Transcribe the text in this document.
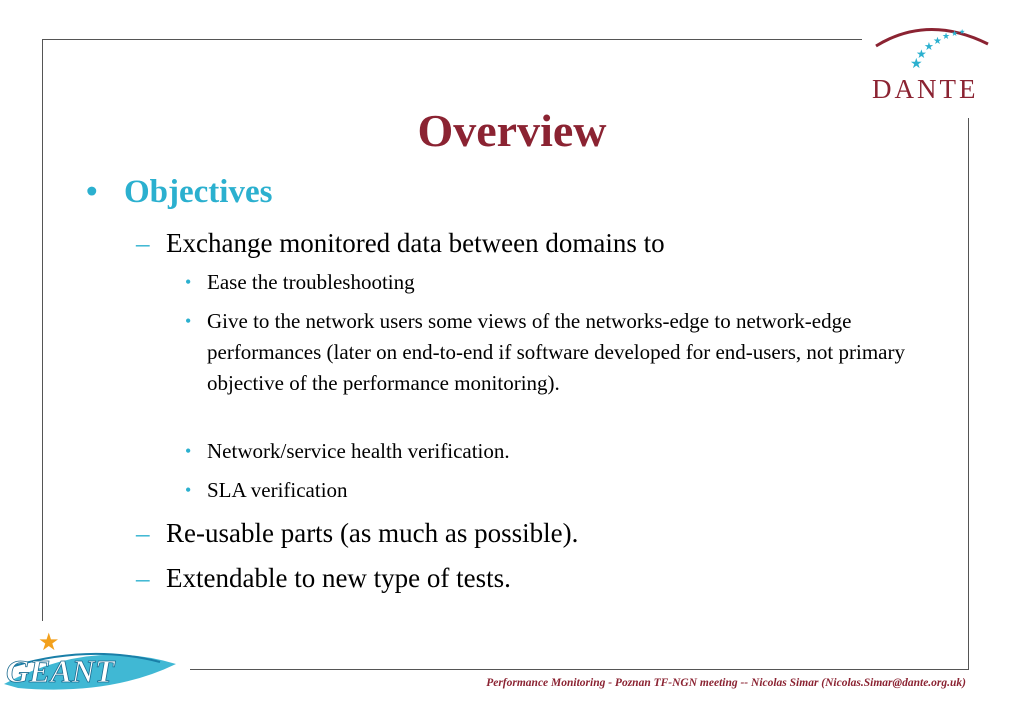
★
★
★ ★ ★ ★ ★
DANTE
Overview
• Objectives
– Exchange monitored data between domains to
• Ease the troubleshooting
• Give to the network users some views of the networks-edge to network-edge performances (later on end-to-end if software developed for end-users, not primary objective of the performance monitoring).
• Network/service health verification.
• SLA verification
– Re-usable parts (as much as possible).
– Extendable to new type of tests.
★
GEANT	Performance Monitoring - Poznan TF-NGN meeting -- Nicolas Simar (Nicolas.Simar@dante.org.uk)
